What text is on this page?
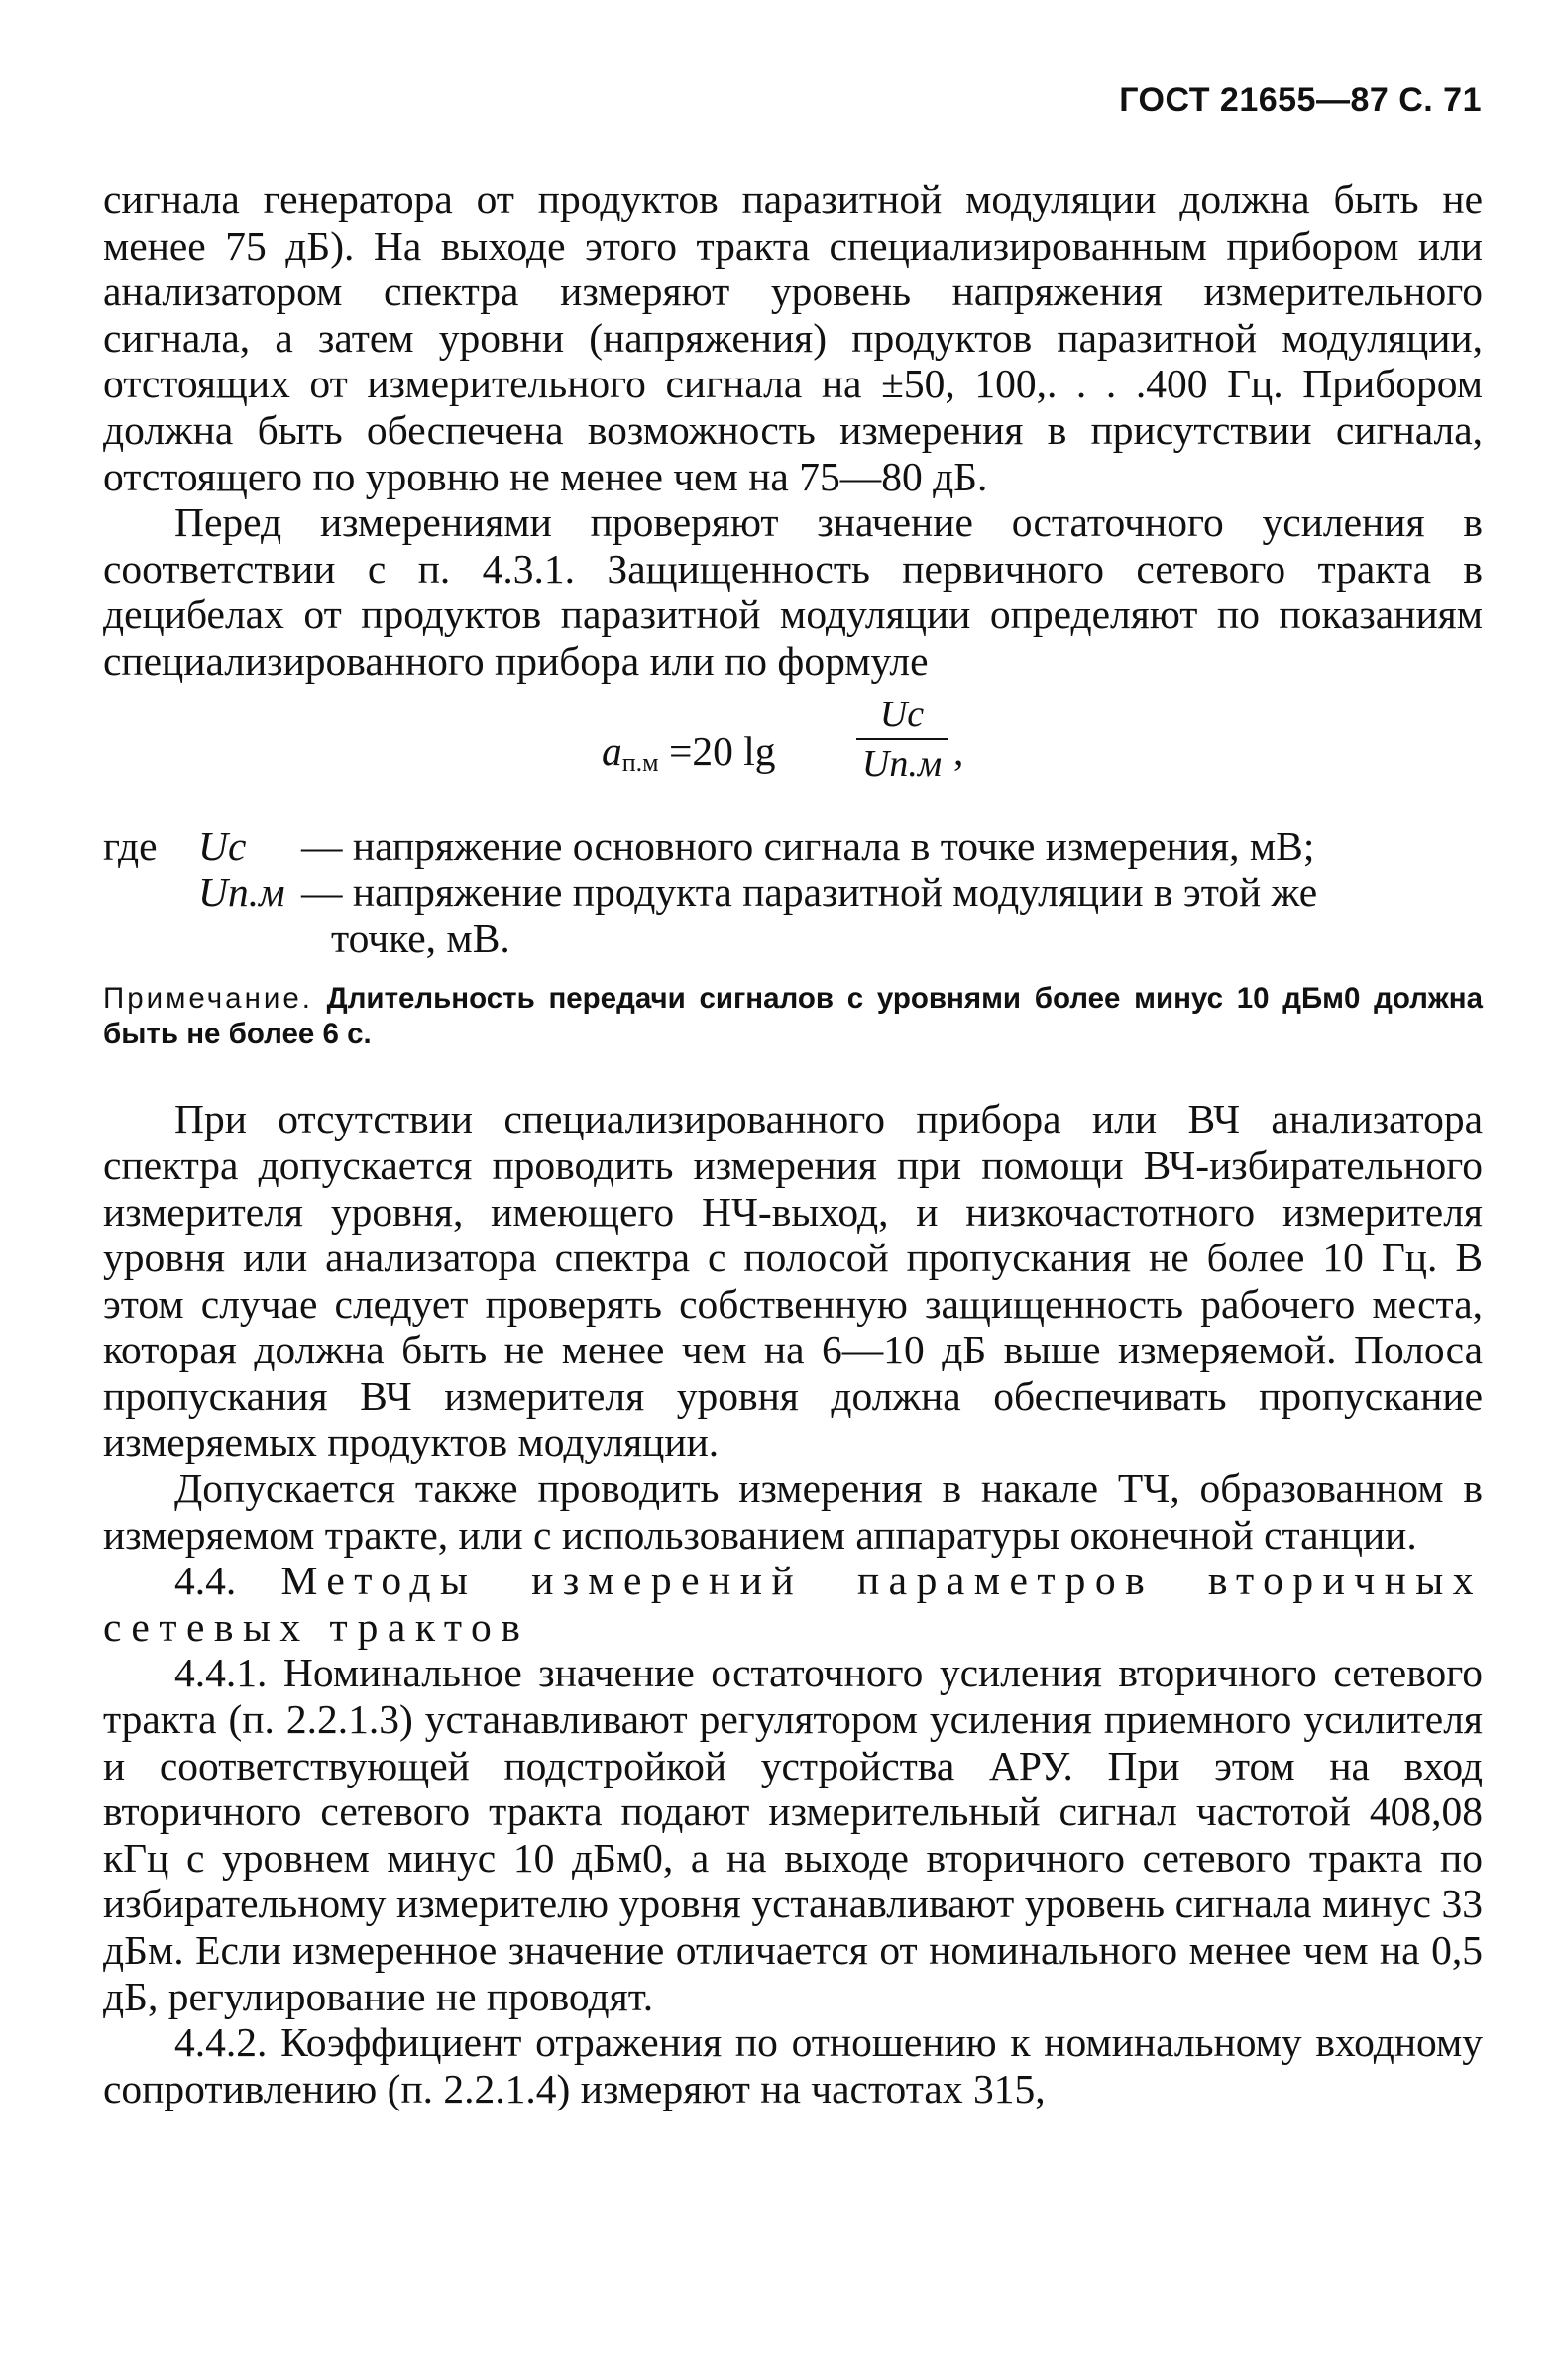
ГОСТ 21655—87 С. 71

сигнала генератора от продуктов паразитной модуляции должна быть не менее 75 дБ). На выходе этого тракта специализированным прибором или анализатором спектра измеряют уровень напряжения измерительного сигнала, а затем уровни (напряжения) продуктов паразитной модуляции, отстоящих от измерительного сигнала на ±50, 100,. . . .400 Гц. Прибором должна быть обеспечена возможность измерения в присутствии сигнала, отстоящего по уровню не менее чем на 75—80 дБ.

Перед измерениями проверяют значение остаточного усиления в соответствии с п. 4.3.1. Защищенность первичного сетевого тракта в децибелах от продуктов паразитной модуляции определяют по показаниям специализированного прибора или по формуле

aп.м =20 lg
Uс
Uп.м ,
где	Uс	— напряжение основного сигнала в точке измерения, мВ;
Uп.м — напряжение продукта паразитной модуляции в этой же
точке, мВ.
Примечание. Длительность передачи сигналов с уровнями более минус 10 дБм0 должна быть не более 6 с.

При отсутствии специализированного прибора или ВЧ анализатора спектра допускается проводить измерения при помощи ВЧ-избирательного измерителя уровня, имеющего НЧ-выход, и низкочастотного измерителя уровня или анализатора спектра с полосой пропускания не более 10 Гц. В этом случае следует проверять собственную защищенность рабочего места, которая должна быть не менее чем на 6—10 дБ выше измеряемой. Полоса пропускания ВЧ измерителя уровня должна обеспечивать пропускание измеряемых продуктов модуляции.

Допускается также проводить измерения в накале ТЧ, образованном в измеряемом тракте, или с использованием аппаратуры оконечной станции.

4.4. Методы измерений параметров вторичных сетевых трактов

4.4.1. Номинальное значение остаточного усиления вторичного сетевого тракта (п. 2.2.1.3) устанавливают регулятором усиления приемного усилителя и соответствующей подстройкой устройства АРУ. При этом на вход вторичного сетевого тракта подают измерительный сигнал частотой 408,08 кГц с уровнем минус 10 дБм0, а на выходе вторичного сетевого тракта по избирательному измерителю уровня устанавливают уровень сигнала минус 33 дБм. Если измеренное значение отличается от номинального менее чем на 0,5 дБ, регулирование не проводят.

4.4.2. Коэффициент отражения по отношению к номинальному входному сопротивлению (п. 2.2.1.4) измеряют на частотах 315,
